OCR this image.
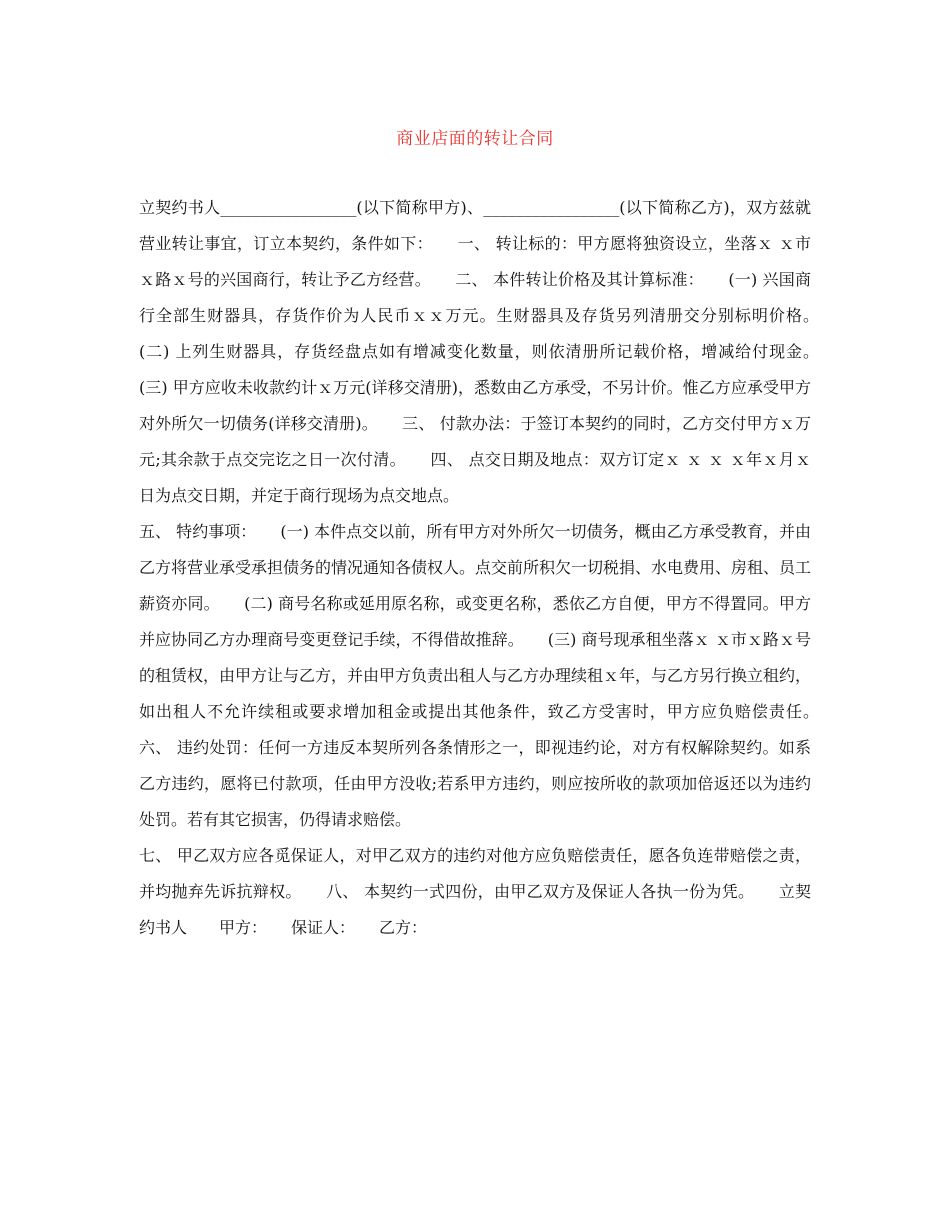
商业店面的转让合同

立契约书人_________________(以下简称甲方)、_________________(以下简称乙方)，双方兹就营业转让事宜，订立本契约，条件如下：　　一、 转让标的：甲方愿将独资设立，坐落ｘ ｘ市ｘ路ｘ号的兴国商行，转让予乙方经营。　　二、 本件转让价格及其计算标准：　　(一) 兴国商行全部生财器具，存货作价为人民币ｘｘ万元。生财器具及存货另列清册交分别标明价格。　　(二) 上列生财器具，存货经盘点如有增减变化数量，则依清册所记载价格，增减给付现金。　　(三) 甲方应收未收款约计ｘ万元(详移交清册)，悉数由乙方承受，不另计价。惟乙方应承受甲方对外所欠一切债务(详移交清册)。　　三、 付款办法：于签订本契约的同时，乙方交付甲方ｘ万元;其余款于点交完讫之日一次付清。　　四、 点交日期及地点：双方订定ｘ ｘ ｘ ｘ年ｘ月ｘ日为点交日期，并定于商行现场为点交地点。

五、 特约事项：　　(一) 本件点交以前，所有甲方对外所欠一切债务，概由乙方承受教育，并由乙方将营业承受承担债务的情况通知各债权人。点交前所积欠一切税捐、水电费用、房租、员工薪资亦同。　　(二) 商号名称或延用原名称，或变更名称，悉依乙方自便，甲方不得置同。甲方并应协同乙方办理商号变更登记手续，不得借故推辞。　　(三) 商号现承租坐落ｘ ｘ市ｘ路ｘ号的租赁权，由甲方让与乙方，并由甲方负责出租人与乙方办理续租ｘ年，与乙方另行换立租约，如出租人不允许续租或要求增加租金或提出其他条件，致乙方受害时，甲方应负赔偿责任。　　六、 违约处罚：任何一方违反本契所列各条情形之一，即视违约论，对方有权解除契约。如系乙方违约，愿将已付款项，任由甲方没收;若系甲方违约，则应按所收的款项加倍返还以为违约处罚。若有其它损害，仍得请求赔偿。

七、 甲乙双方应各觅保证人，对甲乙双方的违约对他方应负赔偿责任，愿各负连带赔偿之责，并均抛弃先诉抗辩权。　　八、 本契约一式四份，由甲乙双方及保证人各执一份为凭。　　立契约书人　　甲方：　　保证人：　　乙方：
